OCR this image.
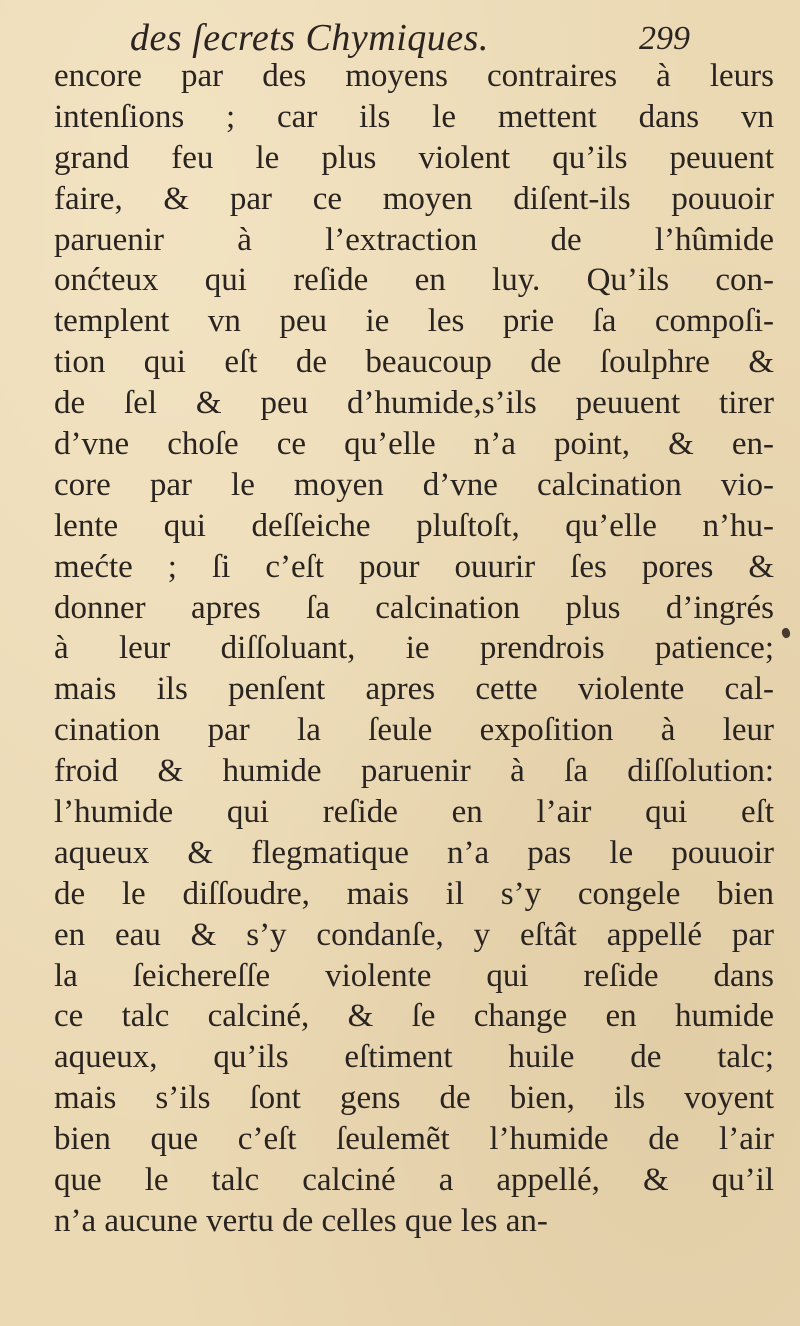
des ſecrets Chymiques.	299
encore par des moyens contraires à leurs
intenſions ; car ils le mettent dans vn
grand feu le plus violent qu’ils peuuent
faire, & par ce moyen diſent-ils pouuoir
paruenir à l’extraction de l’hûmide
onćteux qui reſide en luy. Qu’ils con-
templent vn peu ie les prie ſa compoſi-
tion qui eſt de beaucoup de ſoulphre &
de ſel & peu d’humide,s’ils peuuent tirer
d’vne choſe ce qu’elle n’a point, & en-
core par le moyen d’vne calcination vio-
lente qui deſſeiche pluſtoſt, qu’elle n’hu-
mećte ; ſi c’eſt pour ouurir ſes pores &
donner apres ſa calcination plus d’ingrés
à leur diſſoluant, ie prendrois patience;
mais ils penſent apres cette violente cal-
cination par la ſeule expoſition à leur
froid & humide paruenir à ſa diſſolution:
l’humide qui reſide en l’air qui eſt
aqueux & flegmatique n’a pas le pouuoir
de le diſſoudre, mais il s’y congele bien
en eau & s’y condanſe, y eſtât appellé par
la ſeichereſſe violente qui reſide dans
ce talc calciné, & ſe change en humide
aqueux, qu’ils eſtiment huile de talc;
mais s’ils ſont gens de bien, ils voyent
bien que c’eſt ſeulemẽt l’humide de l’air
que le talc calciné a appellé, & qu’il
n’a aucune vertu de celles que les an-
